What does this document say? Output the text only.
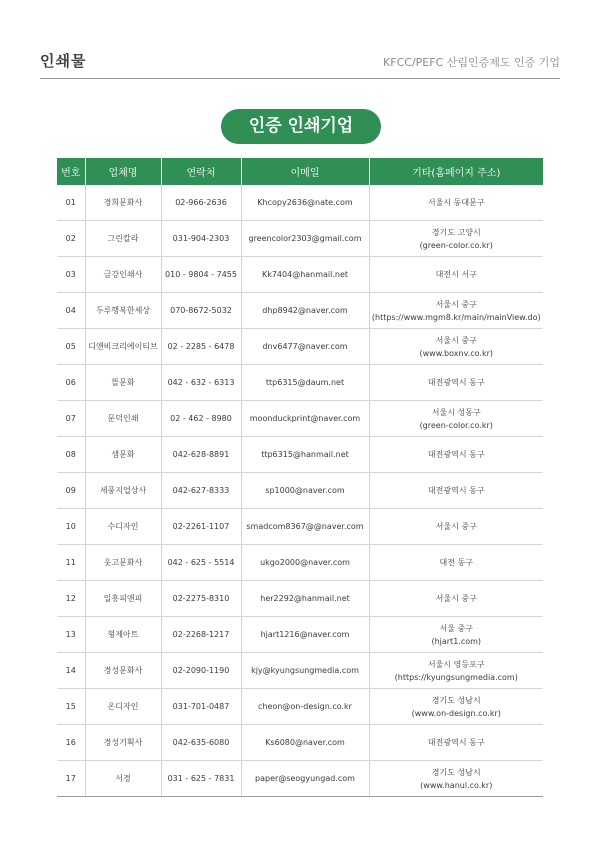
인쇄물	KFCC/PEFC 산림인증제도 인증 기업
인증 인쇄기업
번호	업체명	연락처	이메일	기타(홈페이지 주소)
01	경희문화사	02-966-2636	Khcopy2636@nate.com	서울시 동대문구

02	그린칼라	031-904-2303	greencolor2303@gmail.com	경기도 고양시
(green-color.co.kr)

03	금강인쇄사	010 - 9804 - 7455	Kk7404@hanmail.net	대전시 서구

04	두루행복한세상	070-8672-5032	dhp8942@naver.com	서울시 중구
(https://www.mgm8.kr/main/mainView.do)

05	디앤비크리에이티브	02 - 2285 - 6478	dnv6477@naver.com	서울시 중구
(www.boxnv.co.kr)

06	뜰문화	042 - 632 - 6313	ttp6315@daum.net	대전광역시 동구

07	문덕인쇄	02 - 462 - 8980	moonduckprint@naver.com	서울시 성동구
(green-color.co.kr)

08	샘문화	042-628-8891	ttp6315@hanmail.net	대전광역시 동구

09	세풍지업상사	042-627-8333	sp1000@naver.com	대전광역시 동구

10	수디자인	02-2261-1107	smadcom8367@@naver.com	서울시 중구

11	웃고문화사	042 - 625 - 5514	ukgo2000@naver.com	대전 동구

12	일흥피앤피	02-2275-8310	her2292@hanmail.net	서울시 중구

13	형제아트	02-2268-1217	hjart1216@naver.com	서울 중구
(hjart1.com)

14	경성문화사	02-2090-1190	kjy@kyungsungmedia.com	서울시 영등포구
(https://kyungsungmedia.com)

15	온디자인	031-701-0487	cheon@on-design.co.kr	경기도 성남시
(www.on-design.co.kr)

16	경성기획사	042-635-6080	Ks6080@naver.com	대전광역시 동구

17	서경	031 - 625 - 7831	paper@seogyungad.com	경기도 성남시
(www.hanul.co.kr)
